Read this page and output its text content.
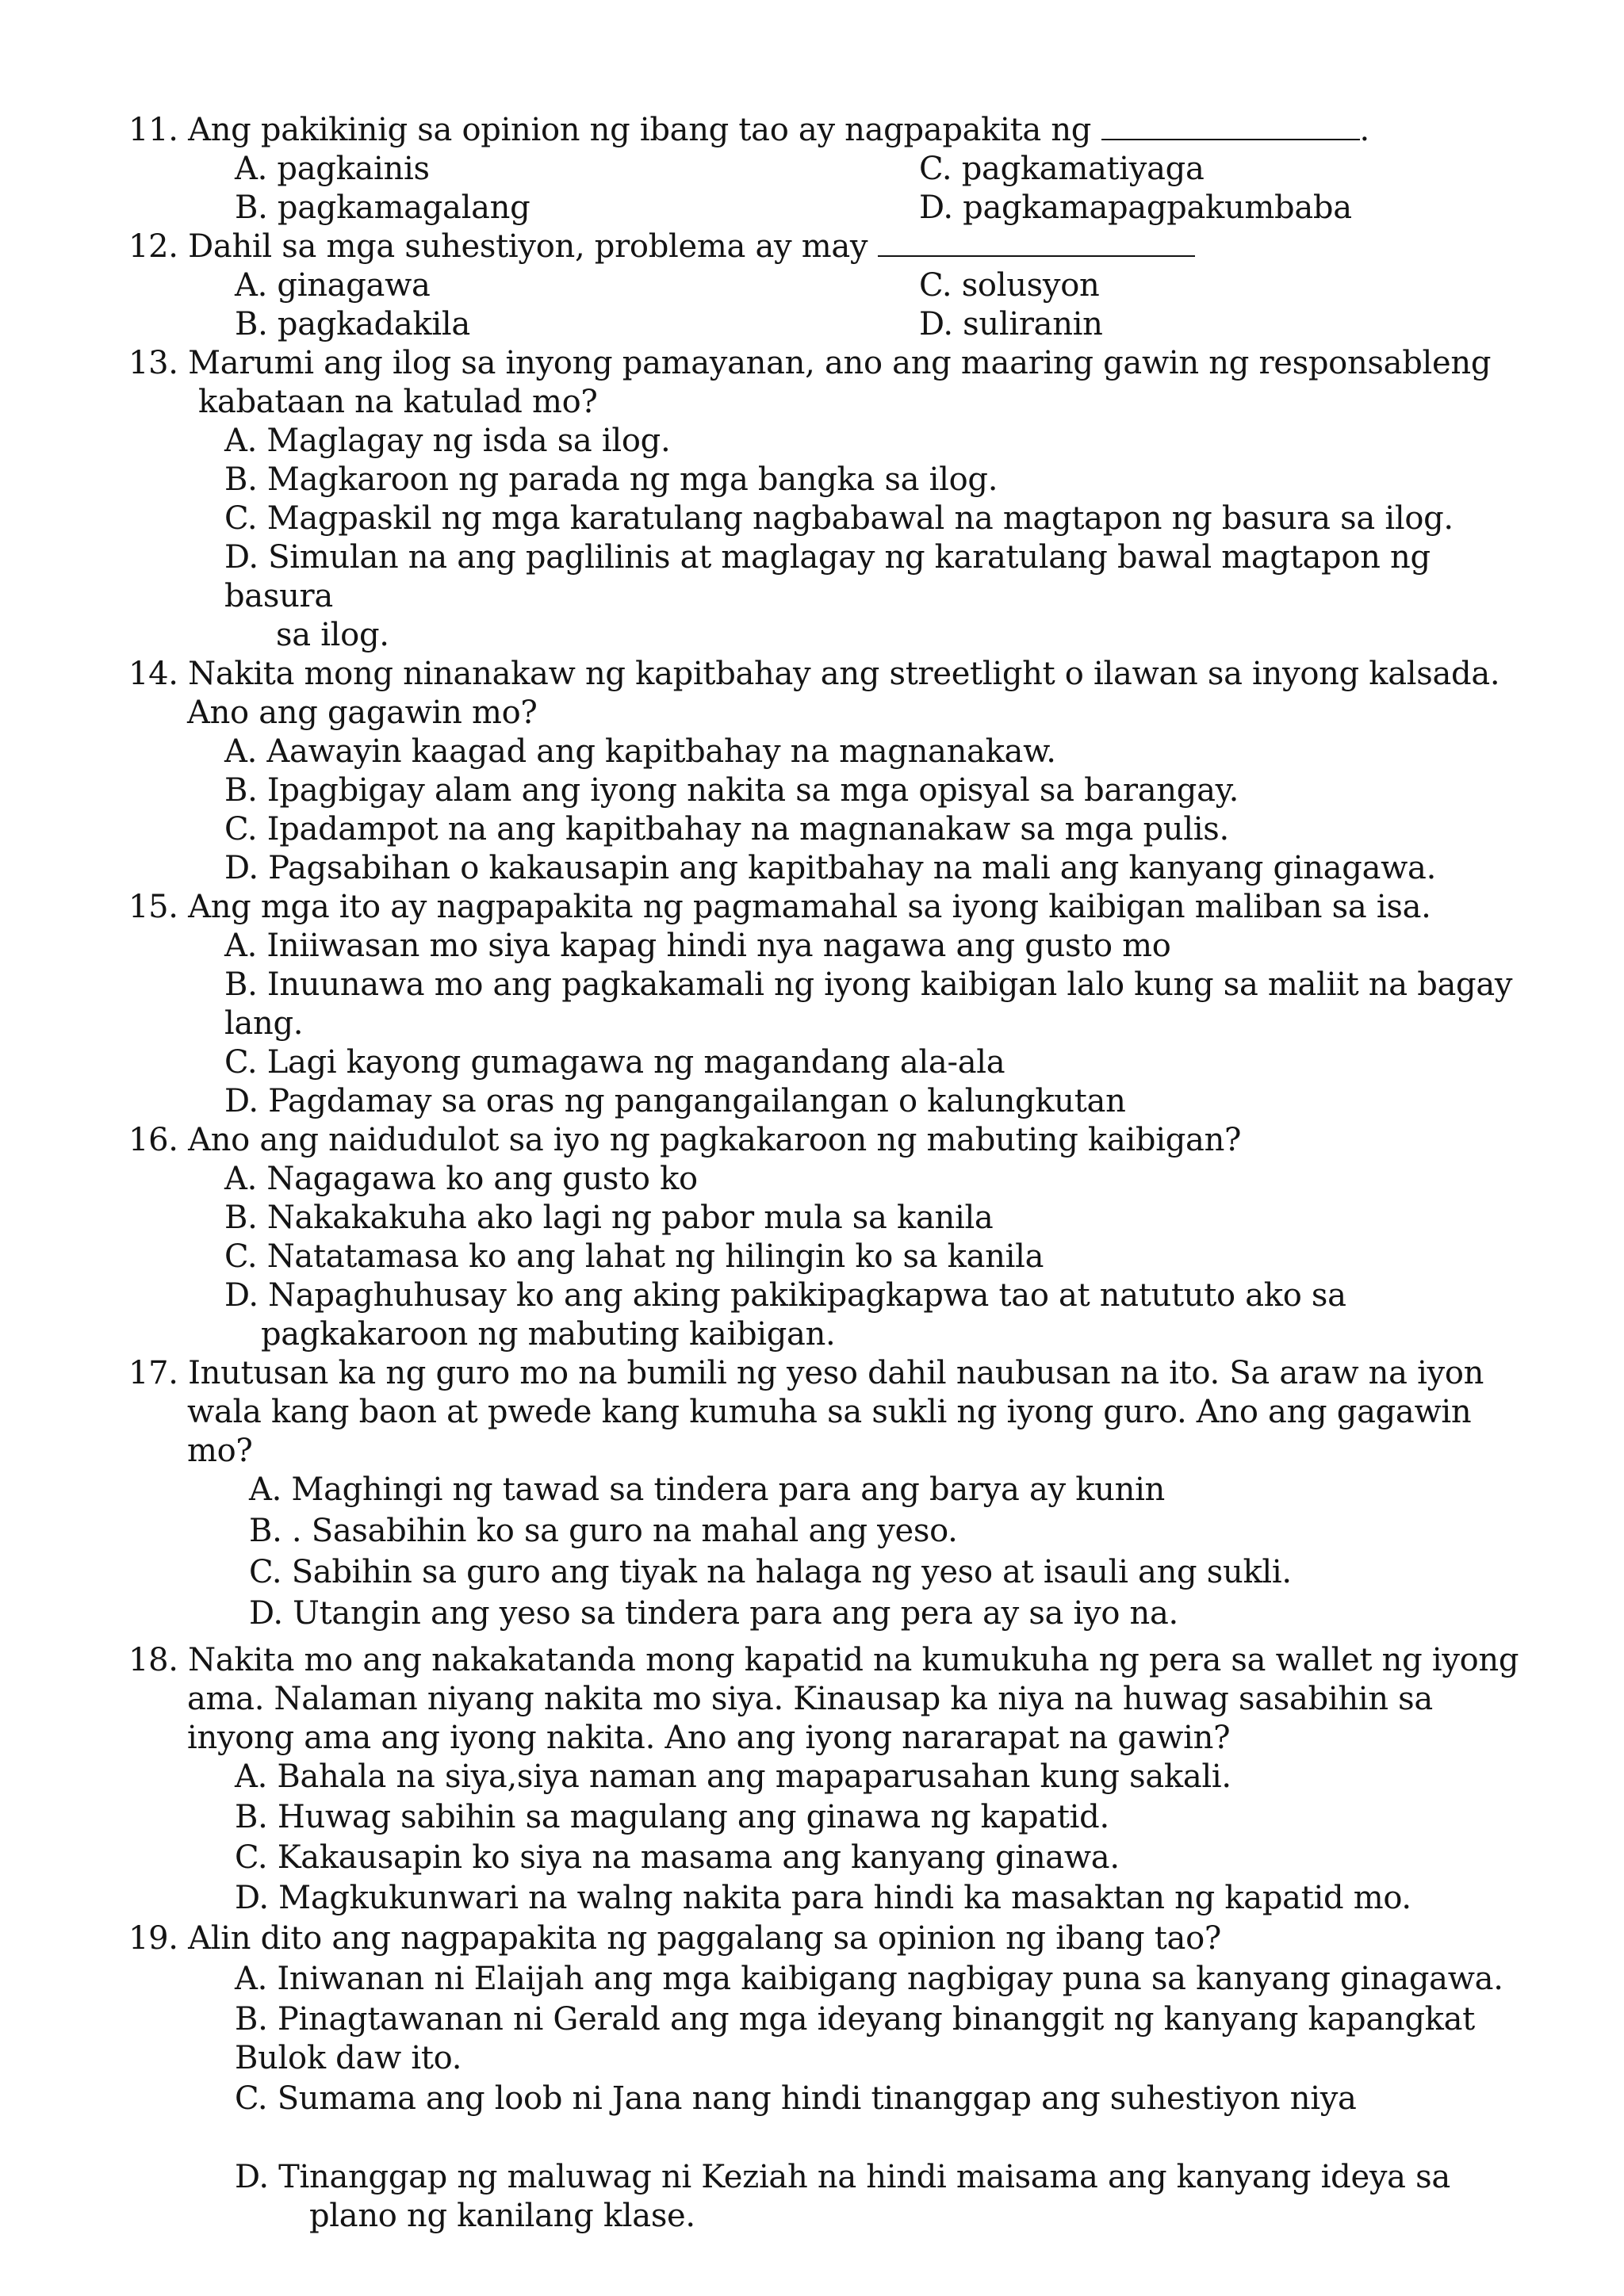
11. Ang pakikinig sa opinion ng ibang tao ay nagpapakita ng	.
A. pagkainis	C. pagkamatiyaga
B. pagkamagalang	D. pagkamapagpakumbaba
12. Dahil sa mga suhestiyon, problema ay may
A. ginagawa	C. solusyon
B. pagkadakila	D. suliranin
13. Marumi ang ilog sa inyong pamayanan, ano ang maaring gawin ng responsableng
kabataan na katulad mo?
A. Maglagay ng isda sa ilog.
B. Magkaroon ng parada ng mga bangka sa ilog.
C. Magpaskil ng mga karatulang nagbabawal na magtapon ng basura sa ilog.
D. Simulan na ang paglilinis at maglagay ng karatulang bawal magtapon ng
basura
sa ilog.
14. Nakita mong ninanakaw ng kapitbahay ang streetlight o ilawan sa inyong kalsada.
Ano ang gagawin mo?
A. Aawayin kaagad ang kapitbahay na magnanakaw.
B. Ipagbigay alam ang iyong nakita sa mga opisyal sa barangay.
C. Ipadampot na ang kapitbahay na magnanakaw sa mga pulis.
D. Pagsabihan o kakausapin ang kapitbahay na mali ang kanyang ginagawa.
15. Ang mga ito ay nagpapakita ng pagmamahal sa iyong kaibigan maliban sa isa.
A. Iniiwasan mo siya kapag hindi nya nagawa ang gusto mo
B. Inuunawa mo ang pagkakamali ng iyong kaibigan lalo kung sa maliit na bagay
lang.
C. Lagi kayong gumagawa ng magandang ala-ala
D. Pagdamay sa oras ng pangangailangan o kalungkutan
16. Ano ang naidudulot sa iyo ng pagkakaroon ng mabuting kaibigan?
A. Nagagawa ko ang gusto ko
B. Nakakakuha ako lagi ng pabor mula sa kanila
C. Natatamasa ko ang lahat ng hilingin ko sa kanila
D. Napaghuhusay ko ang aking pakikipagkapwa tao at natututo ako sa
pagkakaroon ng mabuting kaibigan.
17. Inutusan ka ng guro mo na bumili ng yeso dahil naubusan na ito. Sa araw na iyon
wala kang baon at pwede kang kumuha sa sukli ng iyong guro. Ano ang gagawin
mo?
A. Maghingi ng tawad sa tindera para ang barya ay kunin
B. . Sasabihin ko sa guro na mahal ang yeso.
C. Sabihin sa guro ang tiyak na halaga ng yeso at isauli ang sukli.
D. Utangin ang yeso sa tindera para ang pera ay sa iyo na.
18. Nakita mo ang nakakatanda mong kapatid na kumukuha ng pera sa wallet ng iyong
ama. Nalaman niyang nakita mo siya. Kinausap ka niya na huwag sasabihin sa
inyong ama ang iyong nakita. Ano ang iyong nararapat na gawin?
A. Bahala na siya,siya naman ang mapaparusahan kung sakali.
B. Huwag sabihin sa magulang ang ginawa ng kapatid.
C. Kakausapin ko siya na masama ang kanyang ginawa.
D. Magkukunwari na walng nakita para hindi ka masaktan ng kapatid mo.
19. Alin dito ang nagpapakita ng paggalang sa opinion ng ibang tao?
A. Iniwanan ni Elaijah ang mga kaibigang nagbigay puna sa kanyang ginagawa.
B. Pinagtawanan ni Gerald ang mga ideyang binanggit ng kanyang kapangkat
Bulok daw ito.
C. Sumama ang loob ni Jana nang hindi tinanggap ang suhestiyon niya
D. Tinanggap ng maluwag ni Keziah na hindi maisama ang kanyang ideya sa
plano ng kanilang klase.
